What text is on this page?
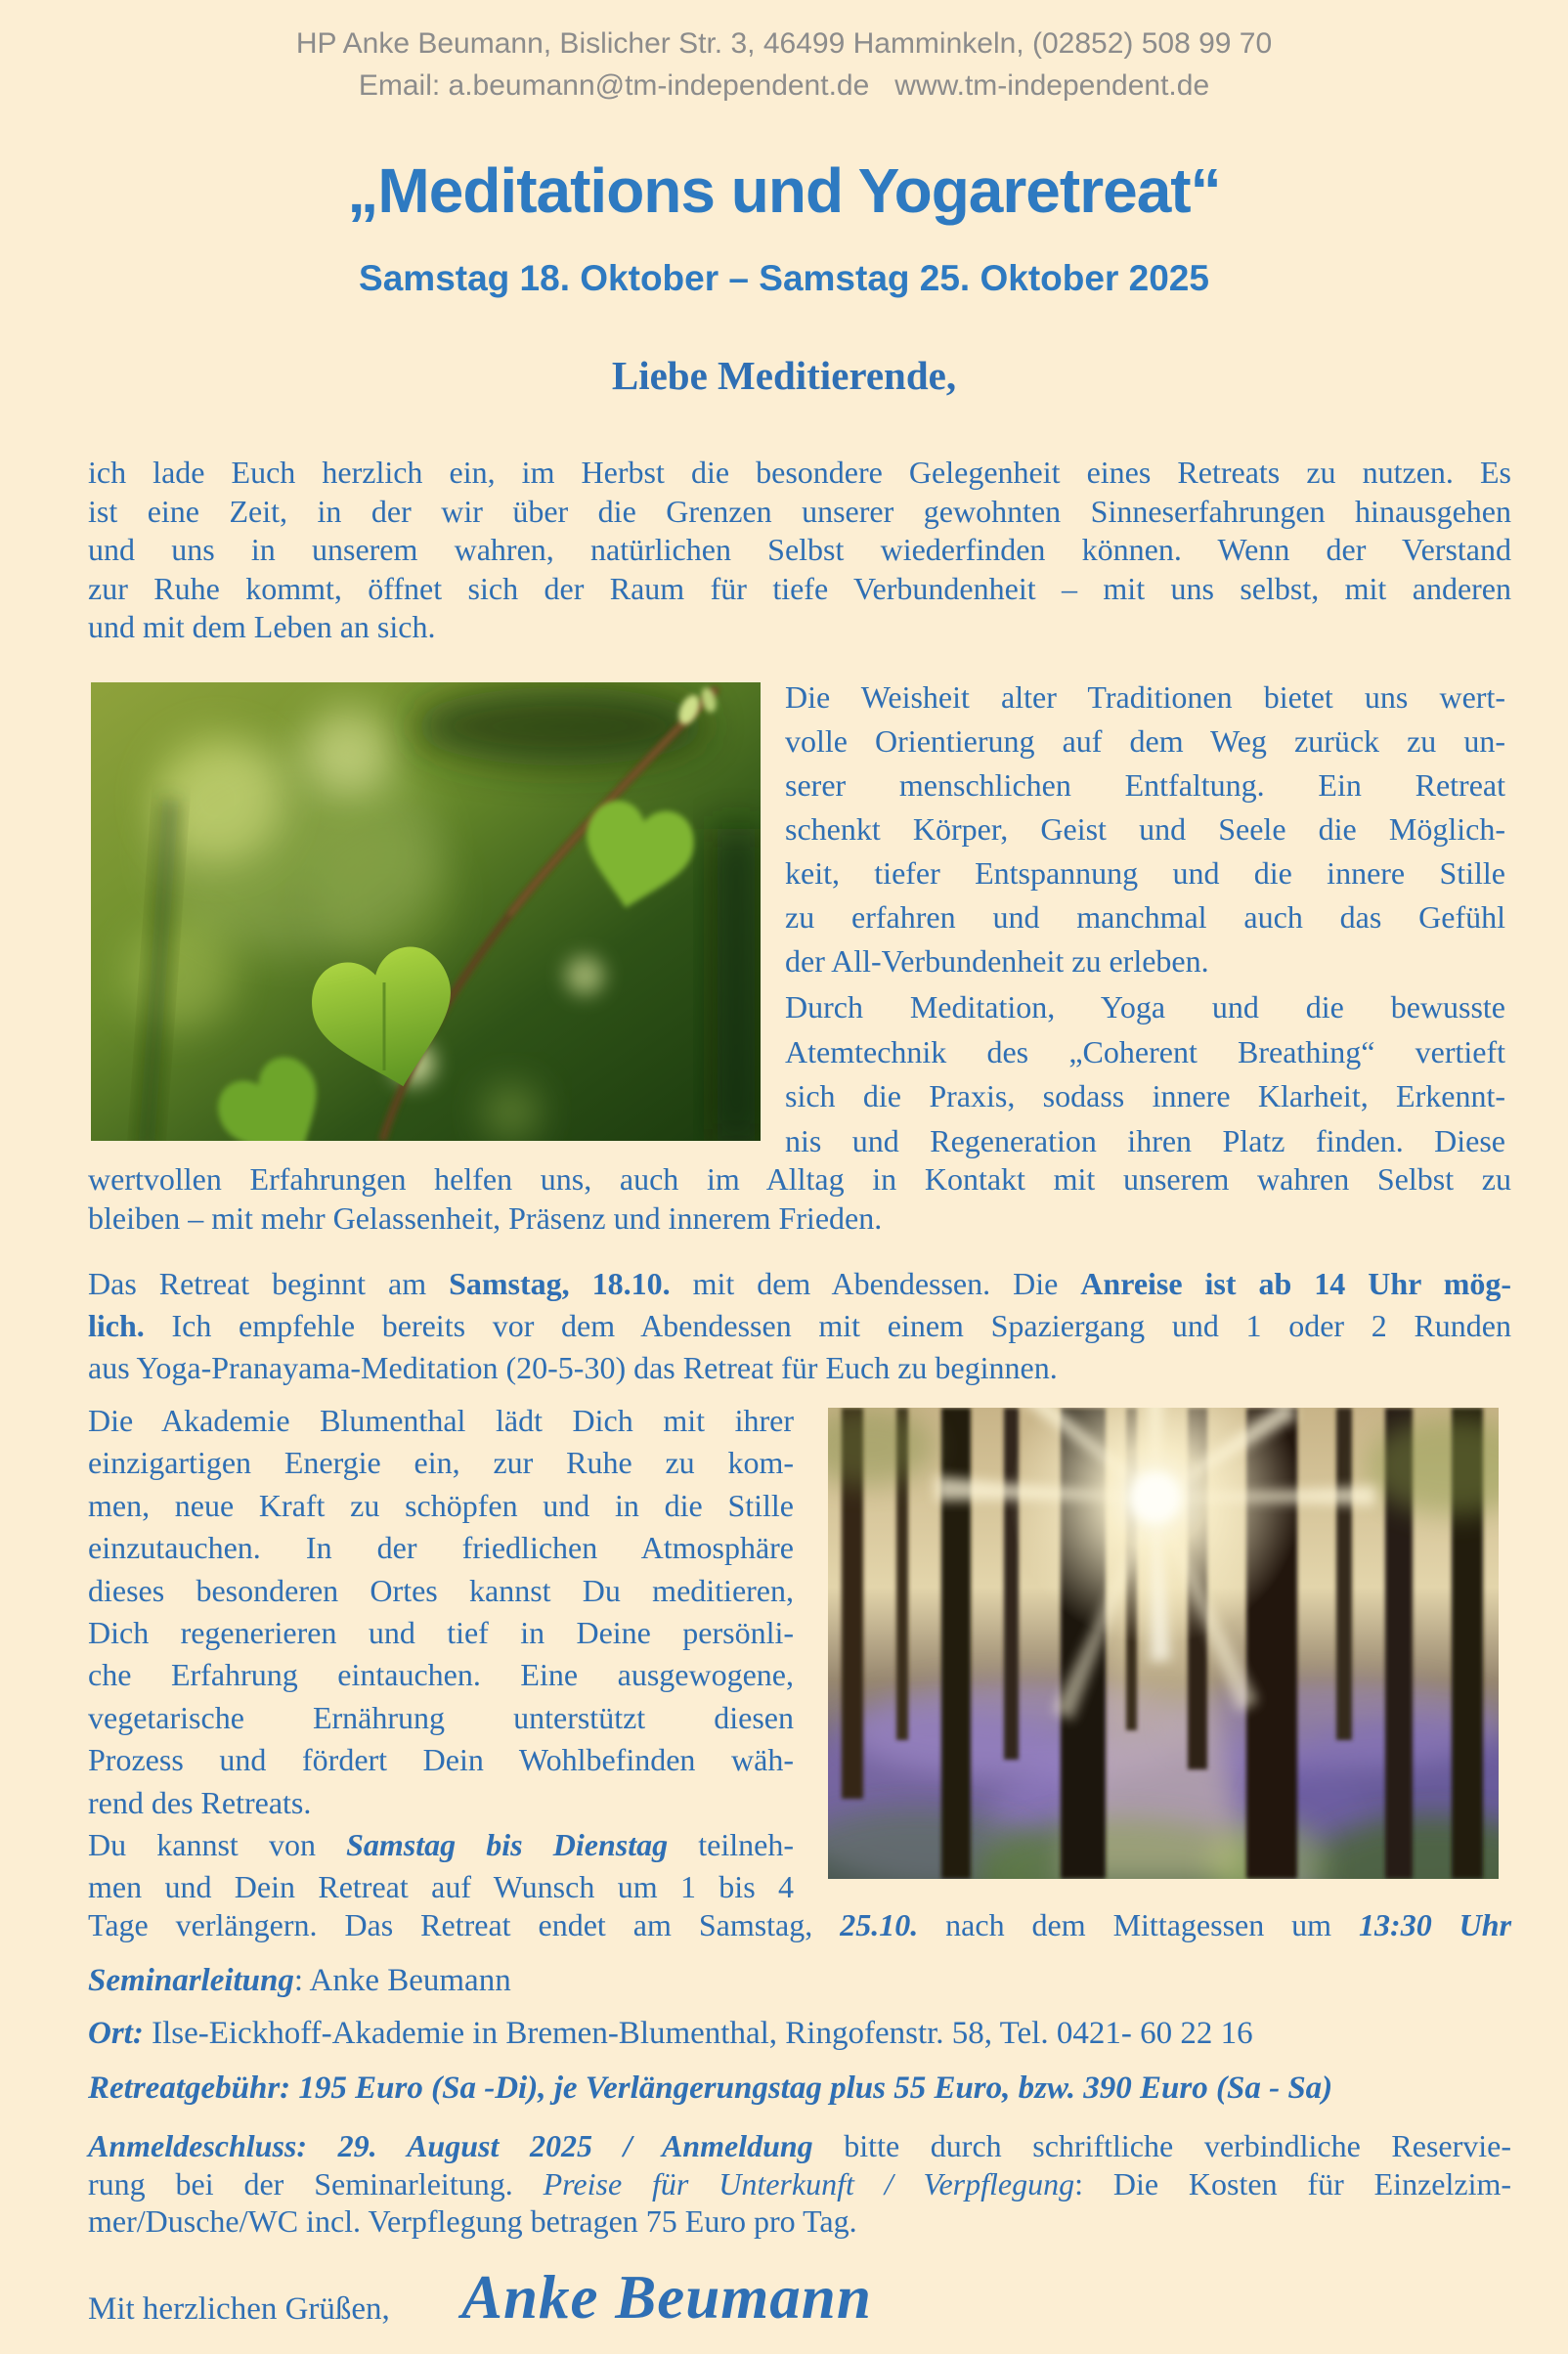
HP Anke Beumann, Bislicher Str. 3, 46499 Hamminkeln, (02852) 508 99 70
Email: a.beumann@tm-independent.de www.tm-independent.de
„Meditations und Yogaretreat“
Samstag 18. Oktober – Samstag 25. Oktober 2025
Liebe Meditierende,
ich lade Euch herzlich ein, im Herbst die besondere Gelegenheit eines Retreats zu nutzen. Es
ist eine Zeit, in der wir über die Grenzen unserer gewohnten Sinneserfahrungen hinausgehen
und uns in unserem wahren, natürlichen Selbst wiederfinden können. Wenn der Verstand
zur Ruhe kommt, öffnet sich der Raum für tiefe Verbundenheit – mit uns selbst, mit anderen
und mit dem Leben an sich.
Die Weisheit alter Traditionen bietet uns wert-
volle Orientierung auf dem Weg zurück zu un-
serer menschlichen Entfaltung. Ein Retreat
schenkt Körper, Geist und Seele die Möglich-
keit, tiefer Entspannung und die innere Stille
zu erfahren und manchmal auch das Gefühl
der All-Verbundenheit zu erleben.
Durch Meditation, Yoga und die bewusste
Atemtechnik des „Coherent Breathing“ vertieft
sich die Praxis, sodass innere Klarheit, Erkennt-
nis und Regeneration ihren Platz finden. Diese
wertvollen Erfahrungen helfen uns, auch im Alltag in Kontakt mit unserem wahren Selbst zu
bleiben – mit mehr Gelassenheit, Präsenz und innerem Frieden.
Das Retreat beginnt am Samstag, 18.10. mit dem Abendessen. Die Anreise ist ab 14 Uhr mög-
lich. Ich empfehle bereits vor dem Abendessen mit einem Spaziergang und 1 oder 2 Runden
aus Yoga-Pranayama-Meditation (20-5-30) das Retreat für Euch zu beginnen.
Die Akademie Blumenthal lädt Dich mit ihrer
einzigartigen Energie ein, zur Ruhe zu kom-
men, neue Kraft zu schöpfen und in die Stille
einzutauchen. In der friedlichen Atmosphäre
dieses besonderen Ortes kannst Du meditieren,
Dich regenerieren und tief in Deine persönli-
che Erfahrung eintauchen. Eine ausgewogene,
vegetarische Ernährung unterstützt diesen
Prozess und fördert Dein Wohlbefinden wäh-
rend des Retreats.
Du kannst von Samstag bis Dienstag teilneh-
men und Dein Retreat auf Wunsch um 1 bis 4
Tage verlängern. Das Retreat endet am Samstag, 25.10. nach dem Mittagessen um 13:30 Uhr
Seminarleitung: Anke Beumann
Ort: Ilse-Eickhoff-Akademie in Bremen-Blumenthal, Ringofenstr. 58, Tel. 0421- 60 22 16
Retreatgebühr: 195 Euro (Sa -Di), je Verlängerungstag plus 55 Euro, bzw. 390 Euro (Sa - Sa)
Anmeldeschluss: 29. August 2025 / Anmeldung bitte durch schriftliche verbindliche Reservie-
rung bei der Seminarleitung. Preise für Unterkunft / Verpflegung: Die Kosten für Einzelzim-
mer/Dusche/WC incl. Verpflegung betragen 75 Euro pro Tag.
Mit herzlichen Grüßen, Anke Beumann
